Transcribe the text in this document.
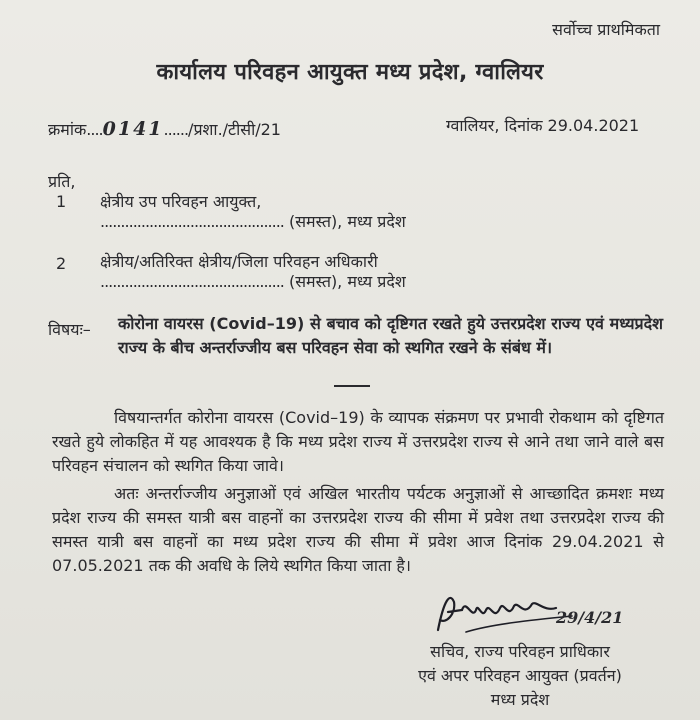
सर्वोच्च प्राथमिकता
कार्यालय परिवहन आयुक्त मध्य प्रदेश, ग्वालियर
क्रमांक....0141....../प्रशा./टीसी/21	ग्वालियर, दिनांक 29.04.2021
प्रति,
1 क्षेत्रीय उप परिवहन आयुक्त,
............................................. (समस्त), मध्य प्रदेश
2 क्षेत्रीय/अतिरिक्त क्षेत्रीय/जिला परिवहन अधिकारी
............................................. (समस्त), मध्य प्रदेश
विषयः– कोरोना वायरस (Covid–19) से बचाव को दृष्टिगत रखते हुये उत्तरप्रदेश राज्य एवं मध्यप्रदेश राज्य के बीच अन्तर्राज्जीय बस परिवहन सेवा को स्थगित रखने के संबंध में।
विषयान्तर्गत कोरोना वायरस (Covid–19) के व्यापक संक्रमण पर प्रभावी रोकथाम को दृष्टिगत रखते हुये लोकहित में यह आवश्यक है कि मध्य प्रदेश राज्य में उत्तरप्रदेश राज्य से आने तथा जाने वाले बस परिवहन संचालन को स्थगित किया जावे।
अतः अन्तर्राज्जीय अनुज्ञाओं एवं अखिल भारतीय पर्यटक अनुज्ञाओं से आच्छादित क्रमशः मध्य प्रदेश राज्य की समस्त यात्री बस वाहनों का उत्तरप्रदेश राज्य की सीमा में प्रवेश तथा उत्तरप्रदेश राज्य की समस्त यात्री बस वाहनों का मध्य प्रदेश राज्य की सीमा में प्रवेश आज दिनांक 29.04.2021 से 07.05.2021 तक की अवधि के लिये स्थगित किया जाता है।
29/4/21
सचिव, राज्य परिवहन प्राधिकार
एवं अपर परिवहन आयुक्त (प्रवर्तन)
मध्य प्रदेश
